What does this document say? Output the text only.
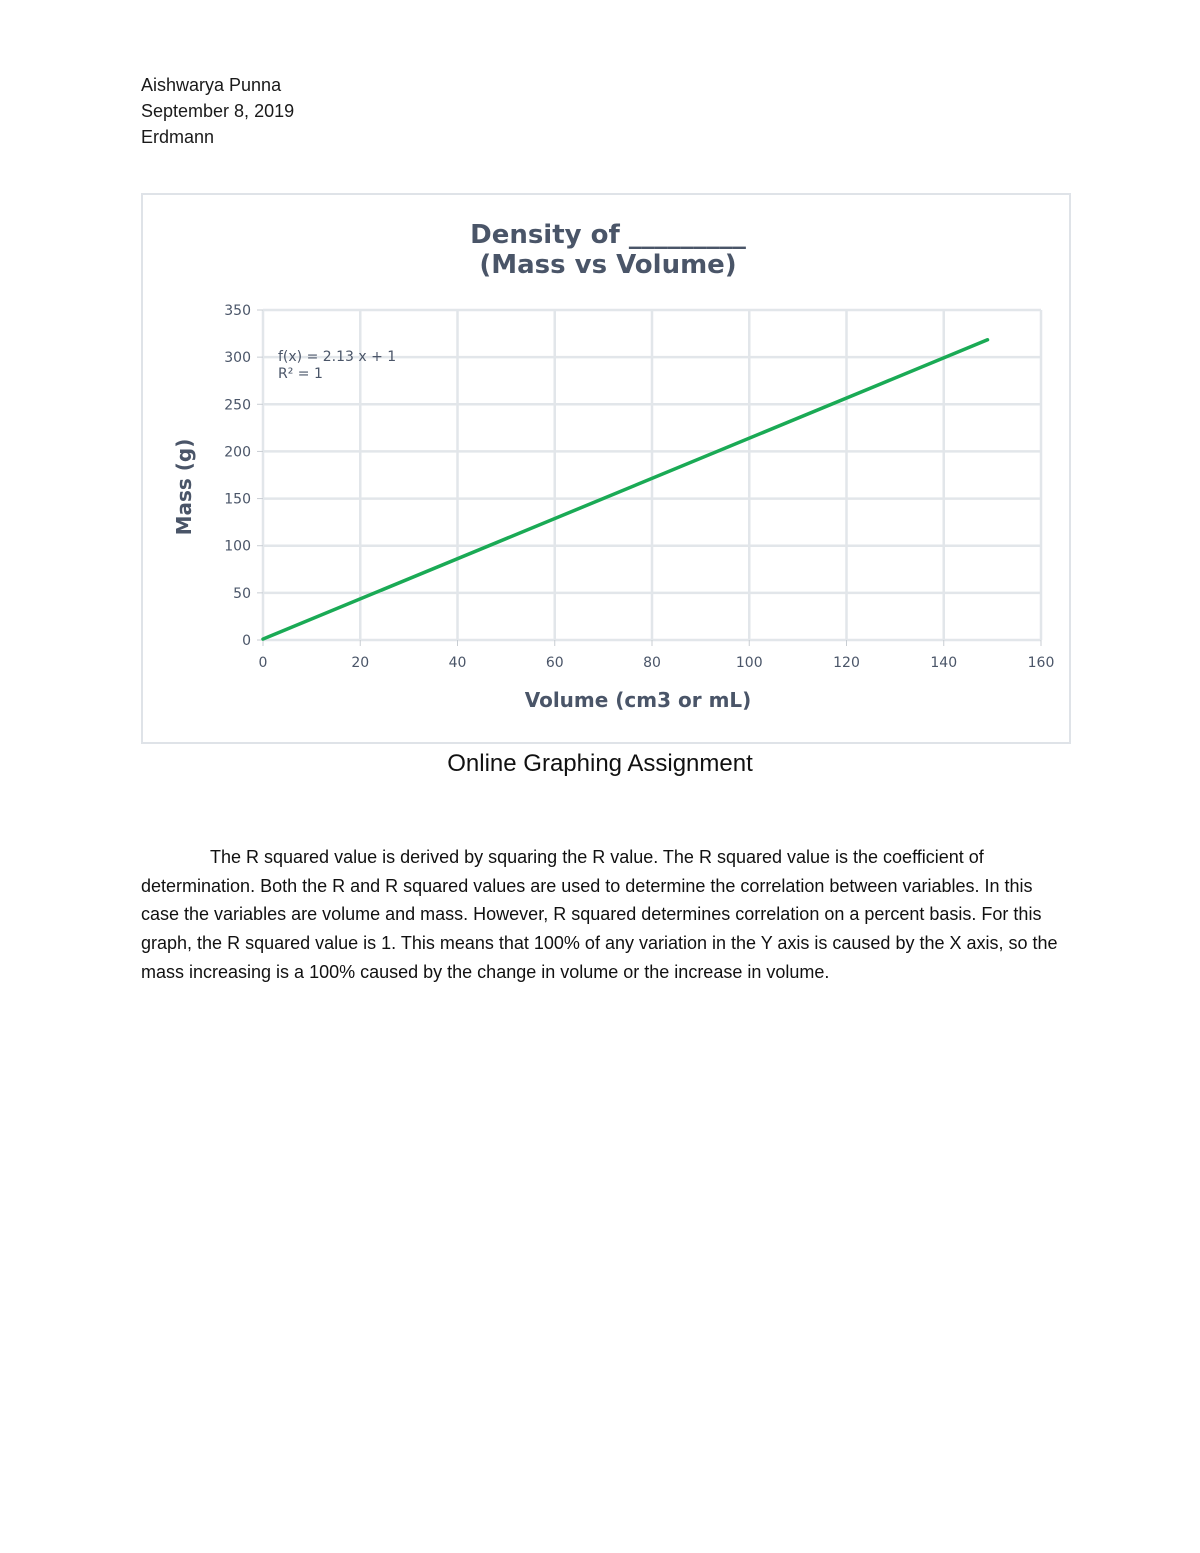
Aishwarya Punna
September 8, 2019
Erdmann
0	20	40	60	80	100	120	140	160
0
50
100
150
200
250
300
350
Density of _________
(Mass vs Volume)
Volume (cm3 or mL)
Mass (g)
f(x) = 2.13 x + 1
R² = 1
Online Graphing Assignment
The R squared value is derived by squaring the R value. The R squared value is the coefficient of determination. Both the R and R squared values are used to determine the correlation between variables. In this case the variables are volume and mass. However, R squared determines correlation on a percent basis. For this graph, the R squared value is 1. This means that 100% of any variation in the Y axis is caused by the X axis, so the mass increasing is a 100% caused by the change in volume or the increase in volume.
